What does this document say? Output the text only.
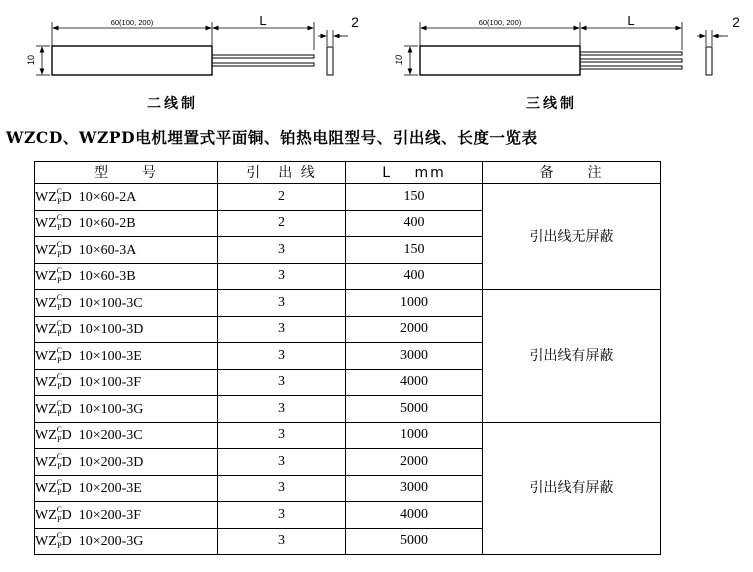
60(100, 200)	L
10
2	60(100, 200)	L
10
2
二线制	三线制
WZCD、WZPD电机埋置式平面铜、铂热电阻型号、引出线、长度一览表
型　　号	引　出 线	L　 mm	备　　注
$WZ^C_PD$  10×60-2A	2	150	引出线无屏蔽
$WZ^C_PD$  10×60-2B	2	400	
$WZ^C_PD$  10×60-3A	3	150	
$WZ^C_PD$  10×60-3B	3	400	
$WZ^C_PD$  10×100-3C	3	1000	引出线有屏蔽
$WZ^C_PD$  10×100-3D	3	2000	
$WZ^C_PD$  10×100-3E	3	3000	
$WZ^C_PD$  10×100-3F	3	4000	
$WZ^C_PD$  10×100-3G	3	5000	
$WZ^C_PD$  10×200-3C	3	1000	引出线有屏蔽
$WZ^C_PD$  10×200-3D	3	2000	
$WZ^C_PD$  10×200-3E	3	3000	
$WZ^C_PD$  10×200-3F	3	4000	
$WZ^C_PD$  10×200-3G	3	5000	
